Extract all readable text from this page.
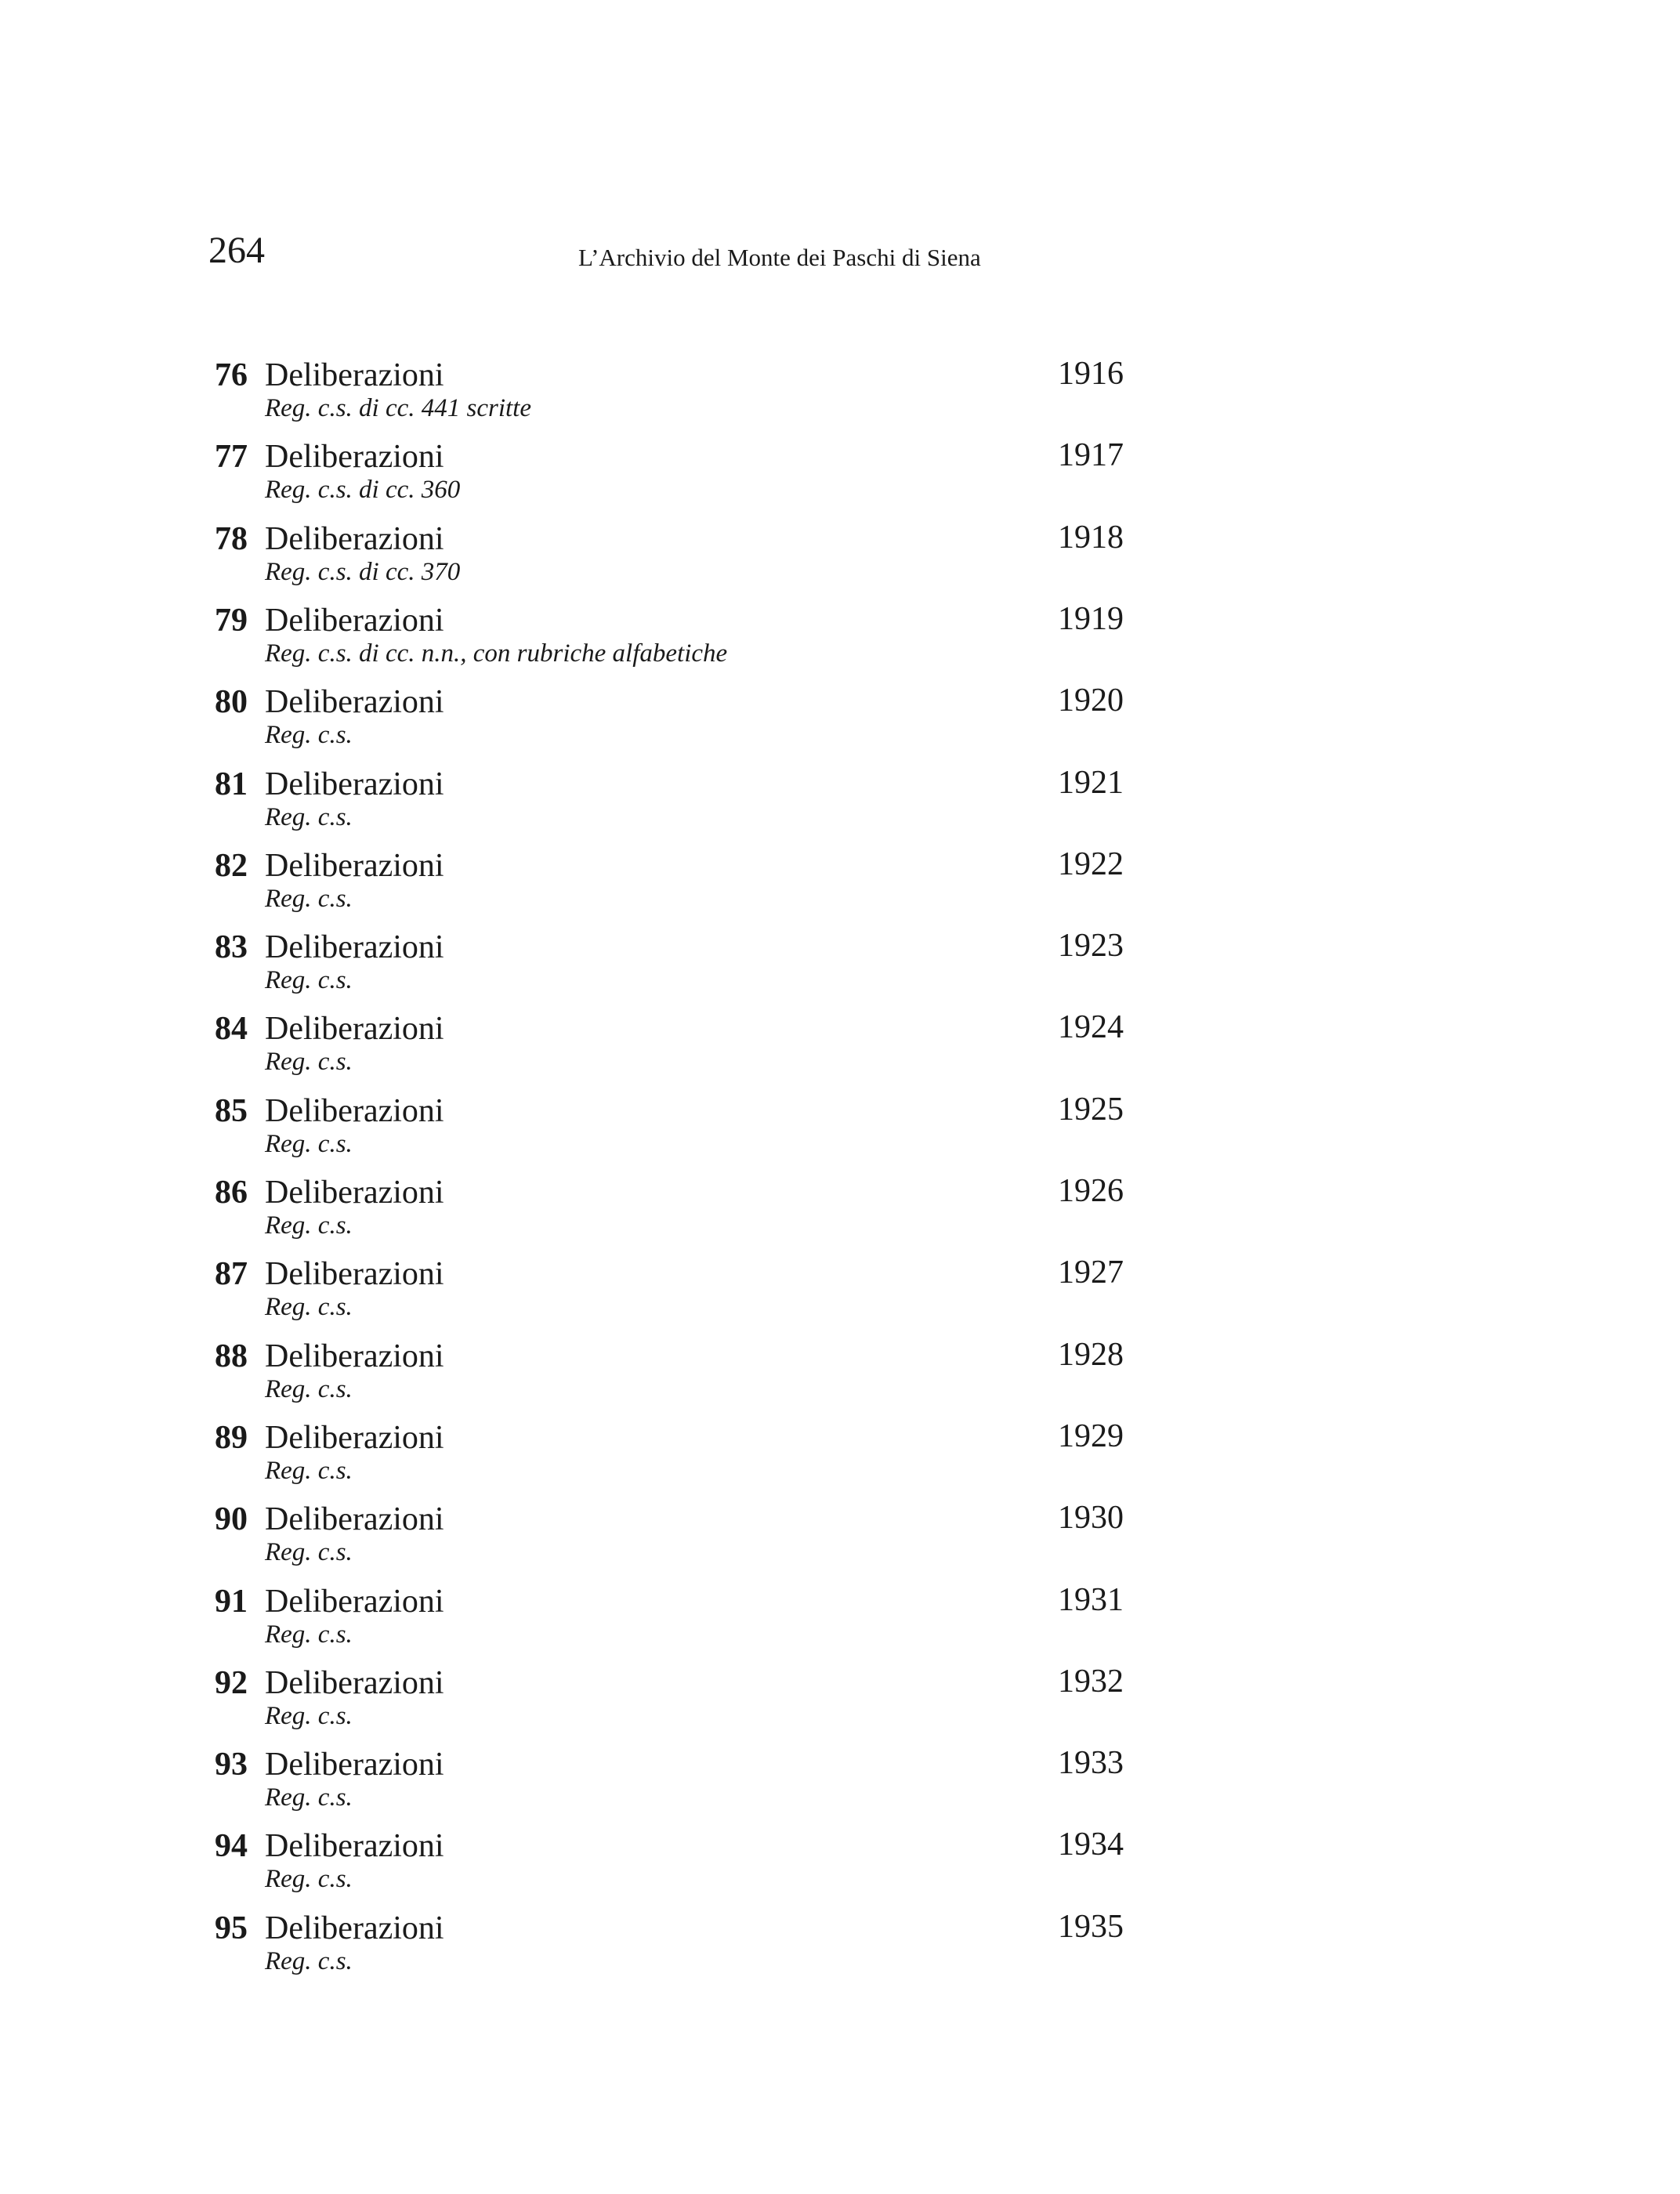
264	L’Archivio del Monte dei Paschi di Siena
76 Deliberazioni	1916
Reg. c.s. di cc. 441 scritte
77 Deliberazioni	1917
Reg. c.s. di cc. 360
78 Deliberazioni	1918
Reg. c.s. di cc. 370
79 Deliberazioni	1919
Reg. c.s. di cc. n.n., con rubriche alfabetiche
80 Deliberazioni	1920
Reg. c.s.
81 Deliberazioni	1921
Reg. c.s.
82 Deliberazioni	1922
Reg. c.s.
83 Deliberazioni	1923
Reg. c.s.
84 Deliberazioni	1924
Reg. c.s.
85 Deliberazioni	1925
Reg. c.s.
86 Deliberazioni	1926
Reg. c.s.
87 Deliberazioni	1927
Reg. c.s.
88 Deliberazioni	1928
Reg. c.s.
89 Deliberazioni	1929
Reg. c.s.
90 Deliberazioni	1930
Reg. c.s.
91 Deliberazioni	1931
Reg. c.s.
92 Deliberazioni	1932
Reg. c.s.
93 Deliberazioni	1933
Reg. c.s.
94 Deliberazioni	1934
Reg. c.s.
95 Deliberazioni	1935
Reg. c.s.
